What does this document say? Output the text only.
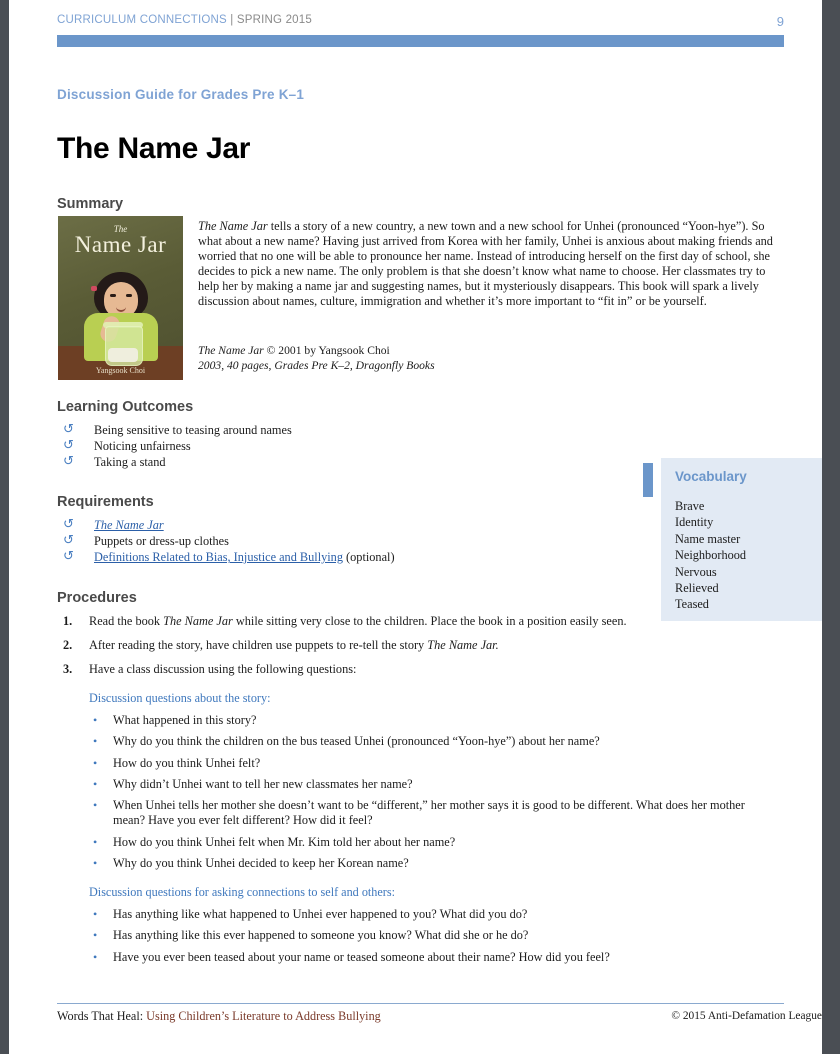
CURRICULUM CONNECTIONS | SPRING 2015	9
Discussion Guide for Grades Pre K–1
The Name Jar
Summary
The
Name Jar
Yangsook Choi
The Name Jar tells a story of a new country, a new town and a new school for Unhei (pronounced “Yoon-hye”). So what about a new name? Having just arrived from Korea with her family, Unhei is anxious about making friends and worried that no one will be able to pronounce her name. Instead of introducing herself on the first day of school, she decides to pick a new name. The only problem is that she doesn’t know what name to choose. Her classmates try to help her by making a name jar and suggesting names, but it mysteriously disappears. This book will spark a lively discussion about names, culture, immigration and whether it’s more important to “fit in” or be yourself.
The Name Jar © 2001 by Yangsook Choi
2003, 40 pages, Grades Pre K–2, Dragonfly Books
Learning Outcomes
↺ Being sensitive to teasing around names
↺ Noticing unfairness
↺ Taking a stand
Requirements
↺ The Name Jar
↺ Puppets or dress-up clothes
↺ Definitions Related to Bias, Injustice and Bullying (optional)
Vocabulary
Brave
Identity
Name master
Neighborhood
Nervous
Relieved
Teased
Procedures
1.	Read the book The Name Jar while sitting very close to the children. Place the book in a position easily seen.
2.	After reading the story, have children use puppets to re-tell the story The Name Jar.
3.	Have a class discussion using the following questions:
Discussion questions about the story:
• What happened in this story?
• Why do you think the children on the bus teased Unhei (pronounced “Yoon-hye”) about her name?
• How do you think Unhei felt?
• Why didn’t Unhei want to tell her new classmates her name?
• When Unhei tells her mother she doesn’t want to be “different,” her mother says it is good to be different. What does her mother mean? Have you ever felt different? How did it feel?
• How do you think Unhei felt when Mr. Kim told her about her name?
• Why do you think Unhei decided to keep her Korean name?
Discussion questions for asking connections to self and others:
• Has anything like what happened to Unhei ever happened to you? What did you do?
• Has anything like this ever happened to someone you know? What did she or he do?
• Have you ever been teased about your name or teased someone about their name? How did you feel?
Words That Heal: Using Children’s Literature to Address Bullying	© 2015 Anti-Defamation League
